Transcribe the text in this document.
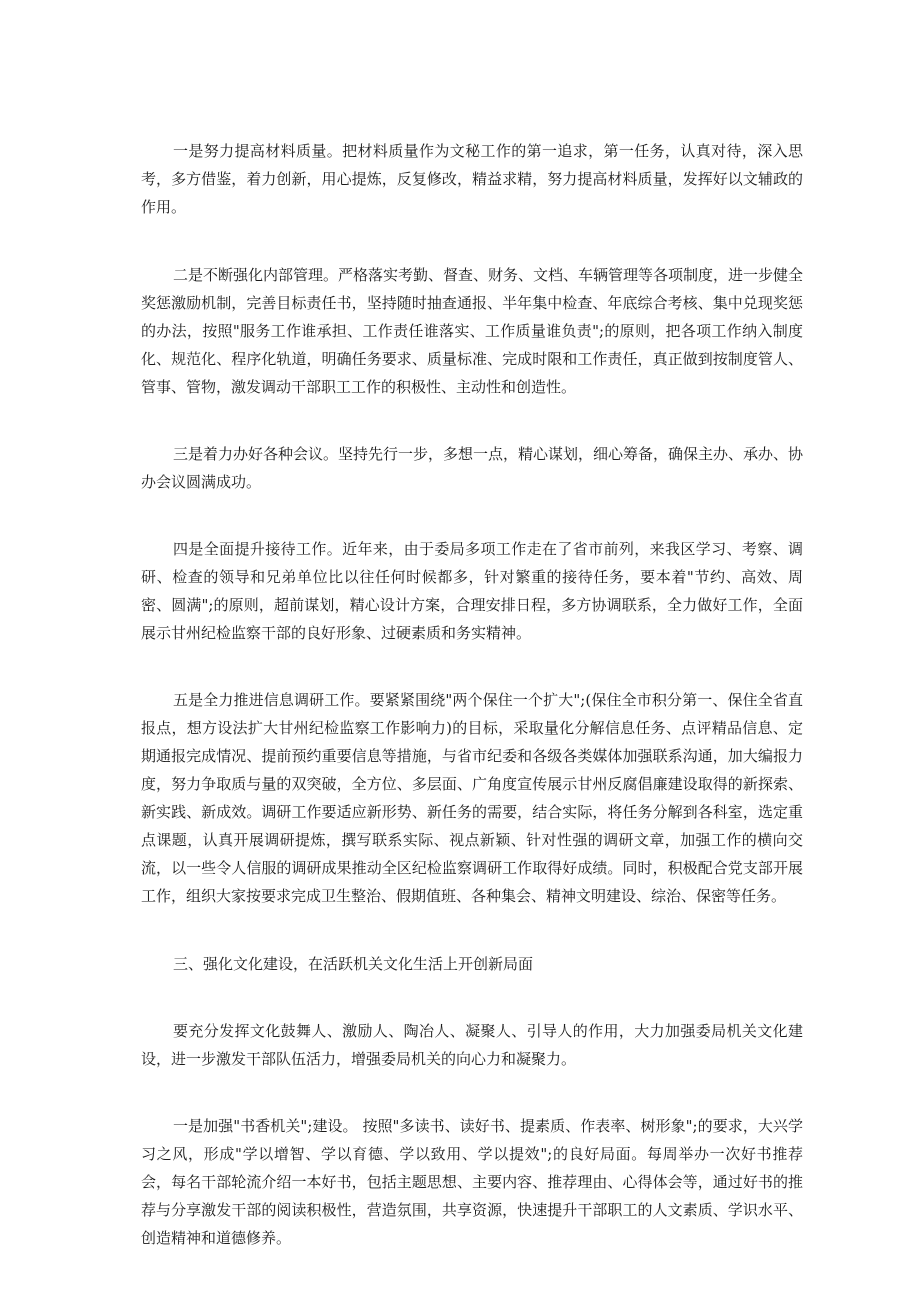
一是努力提高材料质量。把材料质量作为文秘工作的第一追求，第一任务，认真对待，深入思考，多方借鉴，着力创新，用心提炼，反复修改，精益求精，努力提高材料质量，发挥好以文辅政的作用。

二是不断强化内部管理。严格落实考勤、督查、财务、文档、车辆管理等各项制度，进一步健全奖惩激励机制，完善目标责任书，坚持随时抽查通报、半年集中检查、年底综合考核、集中兑现奖惩的办法，按照"服务工作谁承担、工作责任谁落实、工作质量谁负责";的原则，把各项工作纳入制度化、规范化、程序化轨道，明确任务要求、质量标准、完成时限和工作责任，真正做到按制度管人、管事、管物，激发调动干部职工工作的积极性、主动性和创造性。

三是着力办好各种会议。坚持先行一步，多想一点，精心谋划，细心筹备，确保主办、承办、协办会议圆满成功。

四是全面提升接待工作。近年来，由于委局多项工作走在了省市前列，来我区学习、考察、调研、检查的领导和兄弟单位比以往任何时候都多，针对繁重的接待任务，要本着"节约、高效、周密、圆满";的原则，超前谋划，精心设计方案，合理安排日程，多方协调联系，全力做好工作，全面展示甘州纪检监察干部的良好形象、过硬素质和务实精神。

五是全力推进信息调研工作。要紧紧围绕"两个保住一个扩大";(保住全市积分第一、保住全省直报点，想方设法扩大甘州纪检监察工作影响力)的目标，采取量化分解信息任务、点评精品信息、定期通报完成情况、提前预约重要信息等措施，与省市纪委和各级各类媒体加强联系沟通，加大编报力度，努力争取质与量的双突破，全方位、多层面、广角度宣传展示甘州反腐倡廉建设取得的新探索、新实践、新成效。调研工作要适应新形势、新任务的需要，结合实际，将任务分解到各科室，选定重点课题，认真开展调研提炼，撰写联系实际、视点新颖、针对性强的调研文章，加强工作的横向交流，以一些令人信服的调研成果推动全区纪检监察调研工作取得好成绩。同时，积极配合党支部开展工作，组织大家按要求完成卫生整治、假期值班、各种集会、精神文明建设、综治、保密等任务。

三、强化文化建设，在活跃机关文化生活上开创新局面

要充分发挥文化鼓舞人、激励人、陶冶人、凝聚人、引导人的作用，大力加强委局机关文化建设，进一步激发干部队伍活力，增强委局机关的向心力和凝聚力。

一是加强"书香机关";建设。 按照"多读书、读好书、提素质、作表率、树形象";的要求，大兴学习之风，形成"学以增智、学以育德、学以致用、学以提效";的良好局面。每周举办一次好书推荐会，每名干部轮流介绍一本好书，包括主题思想、主要内容、推荐理由、心得体会等，通过好书的推荐与分享激发干部的阅读积极性，营造氛围，共享资源，快速提升干部职工的人文素质、学识水平、创造精神和道德修养。
